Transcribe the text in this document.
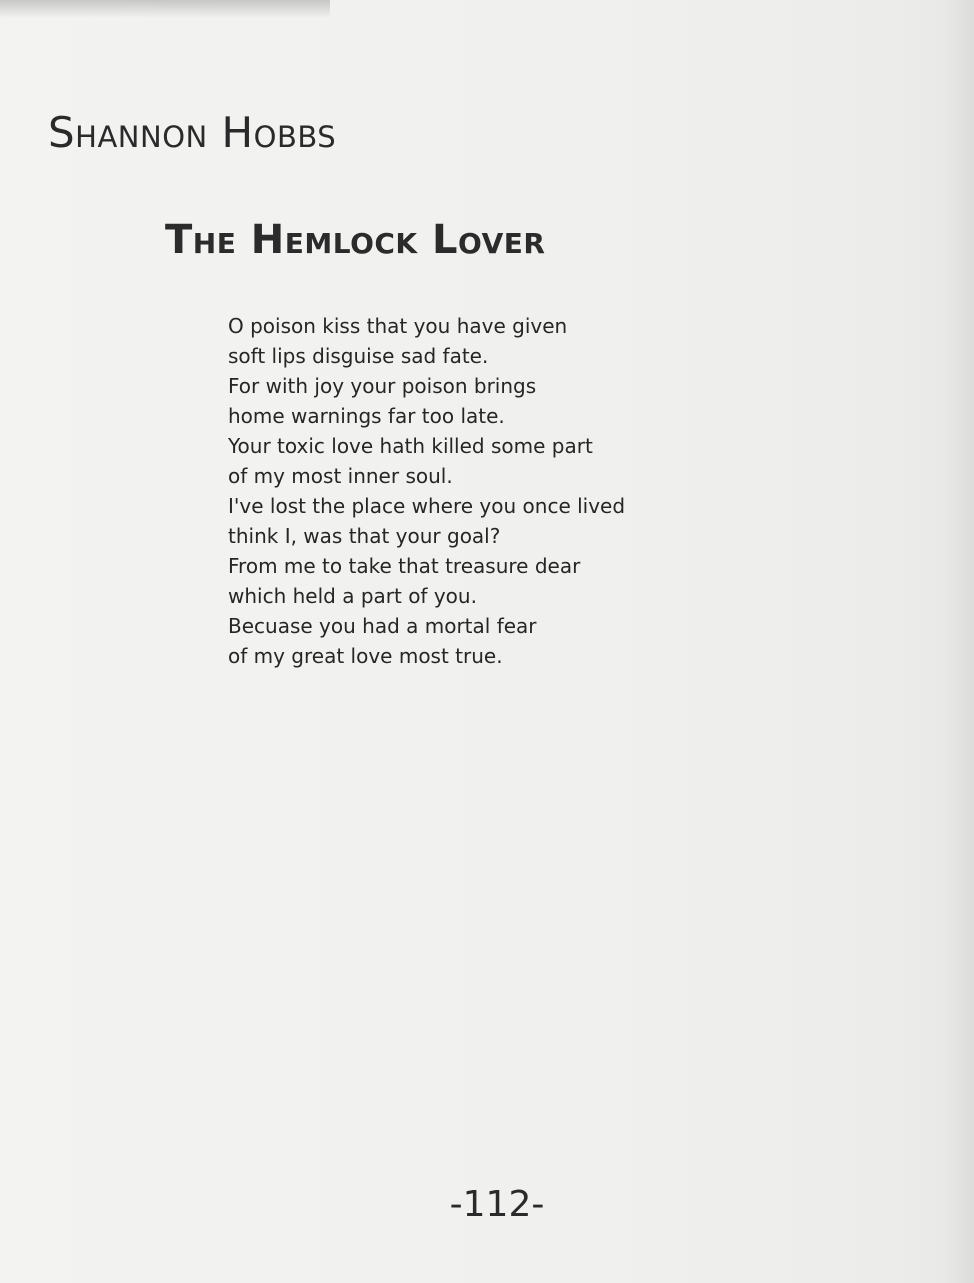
Shannon Hobbs
The Hemlock Lover
O poison kiss that you have given
soft lips disguise sad fate.
For with joy your poison brings
home warnings far too late.
Your toxic love hath killed some part
of my most inner soul.
I've lost the place where you once lived
think I, was that your goal?
From me to take that treasure dear
which held a part of you.
Becuase you had a mortal fear
of my great love most true.

-112-
